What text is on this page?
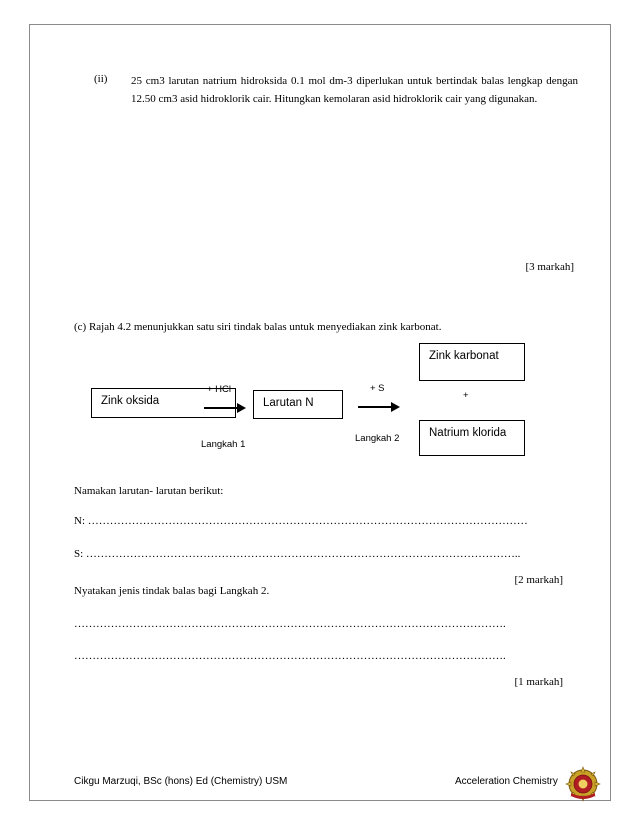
(ii) 25 cm3 larutan natrium hidroksida 0.1 mol dm-3 diperlukan untuk bertindak balas lengkap dengan 12.50 cm3 asid hidroklorik cair. Hitungkan kemolaran asid hidroklorik cair yang digunakan.
[3 markah]
(c) Rajah 4.2 menunjukkan satu siri tindak balas untuk menyediakan zink karbonat.
Zink oksida	Larutan N
Zink karbonat
Natrium klorida
+ HCl	+ S
+
Langkah 1
Langkah 2
Namakan larutan- larutan berikut:
N: …………………………………………………………………………………………………………
S: ………………………………………………………………………………………………………..
[2 markah]
Nyatakan jenis tindak balas bagi Langkah 2.
……………………………………………………………………………………………………….
……………………………………………………………………………………………………….
[1 markah]
Cikgu Marzuqi, BSc (hons) Ed (Chemistry) USM	Acceleration Chemistry
